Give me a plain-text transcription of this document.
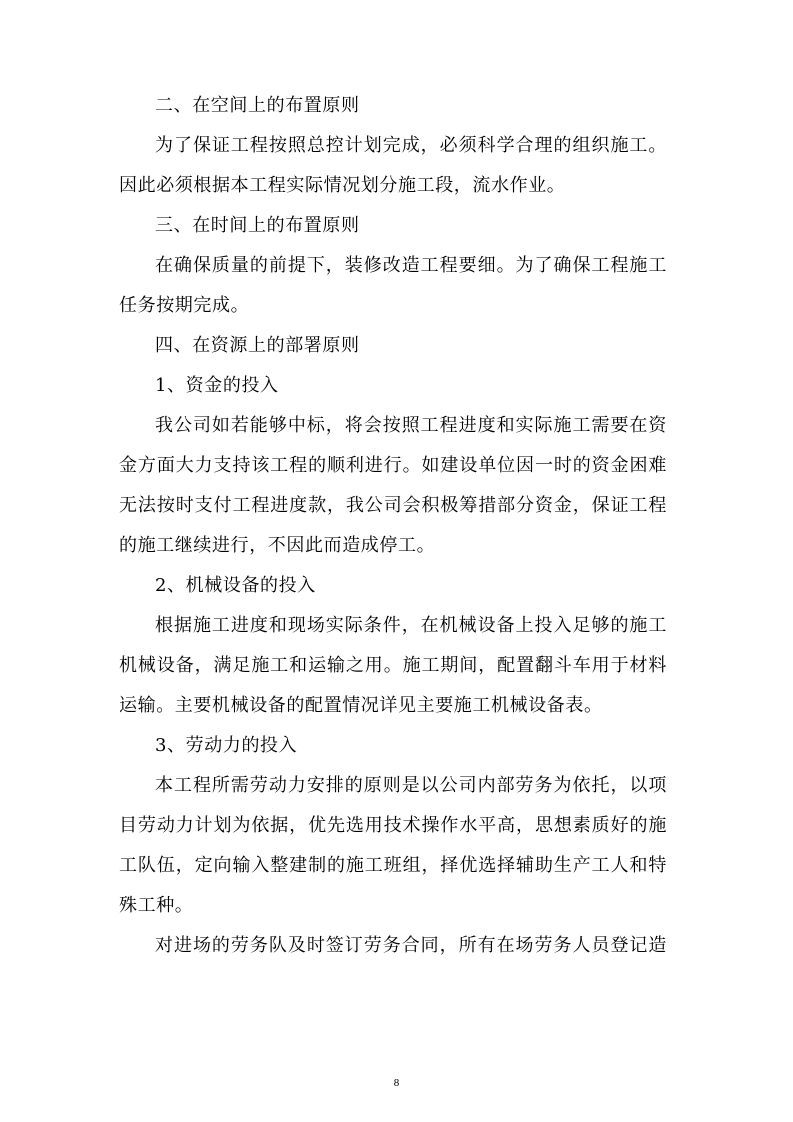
二、在空间上的布置原则
为了保证工程按照总控计划完成，必须科学合理的组织施工。
因此必须根据本工程实际情况划分施工段，流水作业。
三、在时间上的布置原则
在确保质量的前提下，装修改造工程要细。为了确保工程施工
任务按期完成。
四、在资源上的部署原则
1、资金的投入
我公司如若能够中标，将会按照工程进度和实际施工需要在资
金方面大力支持该工程的顺利进行。如建设单位因一时的资金困难
无法按时支付工程进度款，我公司会积极筹措部分资金，保证工程
的施工继续进行，不因此而造成停工。
2、机械设备的投入
根据施工进度和现场实际条件，在机械设备上投入足够的施工
机械设备，满足施工和运输之用。施工期间，配置翻斗车用于材料
运输。主要机械设备的配置情况详见主要施工机械设备表。
3、劳动力的投入
本工程所需劳动力安排的原则是以公司内部劳务为依托，以项
目劳动力计划为依据，优先选用技术操作水平高，思想素质好的施
工队伍，定向输入整建制的施工班组，择优选择辅助生产工人和特
殊工种。
对进场的劳务队及时签订劳务合同，所有在场劳务人员登记造
8
